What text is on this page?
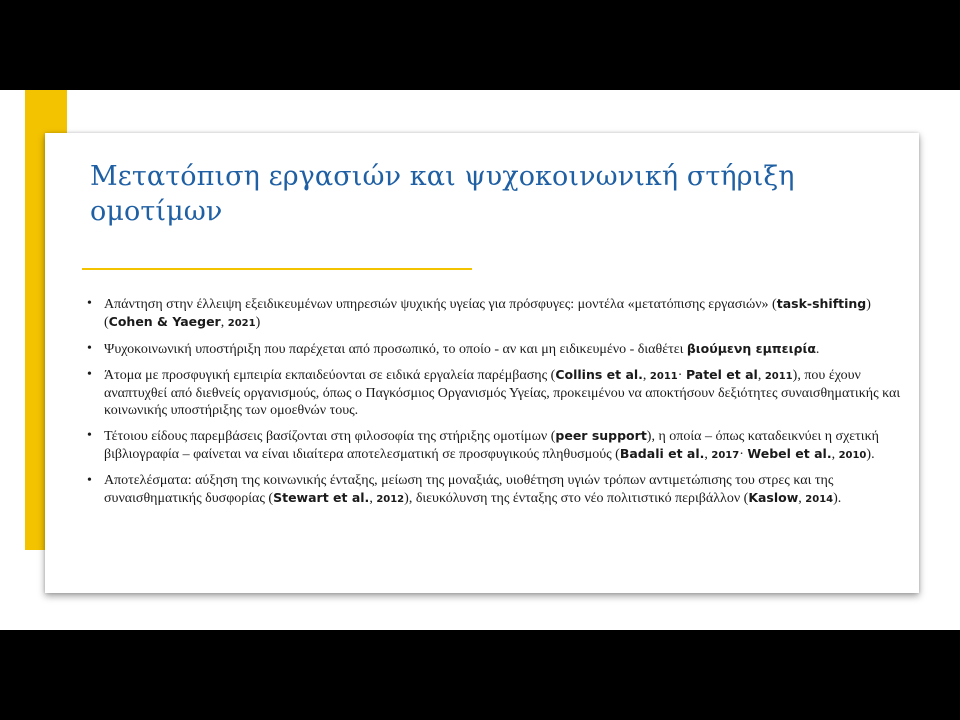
Μετατόπιση εργασιών και ψυχοκοινωνική στήριξη ομοτίμων
• Απάντηση στην έλλειψη εξειδικευμένων υπηρεσιών ψυχικής υγείας για πρόσφυγες: μοντέλα «μετατόπισης εργασιών» (task-shifting) (Cohen & Yaeger, 2021)
• Ψυχοκοινωνική υποστήριξη που παρέχεται από προσωπικό, το οποίο - αν και μη ειδικευμένο - διαθέτει βιούμενη εμπειρία.
• Άτομα με προσφυγική εμπειρία εκπαιδεύονται σε ειδικά εργαλεία παρέμβασης (Collins et al., 2011· Patel et al, 2011), που έχουν αναπτυχθεί από διεθνείς οργανισμούς, όπως ο Παγκόσμιος Οργανισμός Υγείας, προκειμένου να αποκτήσουν δεξιότητες συναισθηματικής και κοινωνικής υποστήριξης των ομοεθνών τους.
• Τέτοιου είδους παρεμβάσεις βασίζονται στη φιλοσοφία της στήριξης ομοτίμων (peer support), η οποία – όπως καταδεικνύει η σχετική βιβλιογραφία – φαίνεται να είναι ιδιαίτερα αποτελεσματική σε προσφυγικούς πληθυσμούς (Badali et al., 2017· Webel et al., 2010).
• Αποτελέσματα: αύξηση της κοινωνικής ένταξης, μείωση της μοναξιάς, υιοθέτηση υγιών τρόπων αντιμετώπισης του στρες και της συναισθηματικής δυσφορίας (Stewart et al., 2012), διευκόλυνση της ένταξης στο νέο πολιτιστικό περιβάλλον (Kaslow, 2014).
